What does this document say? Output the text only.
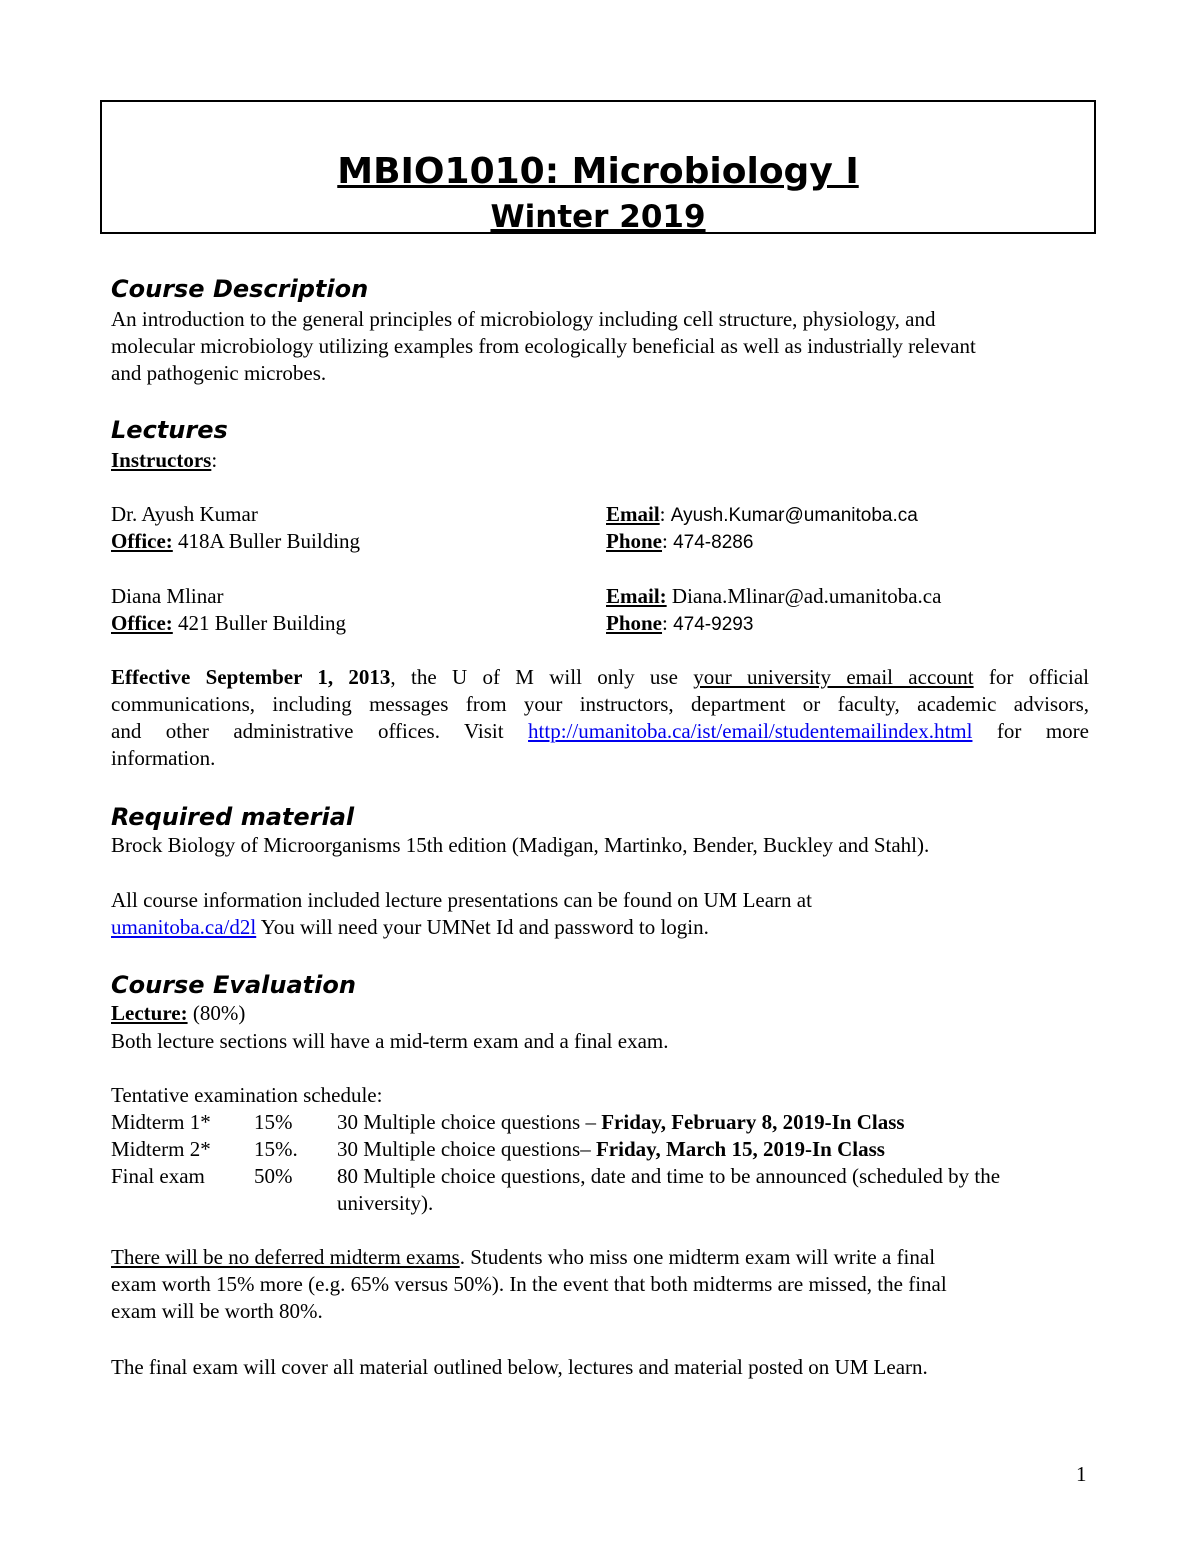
MBIO1010: Microbiology I
Winter 2019
Course Description
An introduction to the general principles of microbiology including cell structure, physiology, and
molecular microbiology utilizing examples from ecologically beneficial as well as industrially relevant
and pathogenic microbes.
Lectures
Instructors:
Dr. Ayush Kumar	Email: Ayush.Kumar@umanitoba.ca
Office: 418A Buller Building	Phone: 474-8286
Diana Mlinar	Email: Diana.Mlinar@ad.umanitoba.ca
Office: 421 Buller Building	Phone: 474-9293
Effective September 1, 2013, the U of M will only use your university email account for official
communications, including messages from your instructors, department or faculty, academic advisors,
and other administrative offices. Visit http://umanitoba.ca/ist/email/studentemailindex.html for more
information.
Required material
Brock Biology of Microorganisms 15th edition (Madigan, Martinko, Bender, Buckley and Stahl).
All course information included lecture presentations can be found on UM Learn at
umanitoba.ca/d2l You will need your UMNet Id and password to login.
Course Evaluation
Lecture: (80%)
Both lecture sections will have a mid-term exam and a final exam.
Tentative examination schedule:
Midterm 1* 15% 30 Multiple choice questions – Friday, February 8, 2019-In Class
Midterm 2* 15%. 30 Multiple choice questions– Friday, March 15, 2019-In Class
Final exam 50% 80 Multiple choice questions, date and time to be announced (scheduled by the
university).
There will be no deferred midterm exams. Students who miss one midterm exam will write a final
exam worth 15% more (e.g. 65% versus 50%). In the event that both midterms are missed, the final
exam will be worth 80%.
The final exam will cover all material outlined below, lectures and material posted on UM Learn.
1
